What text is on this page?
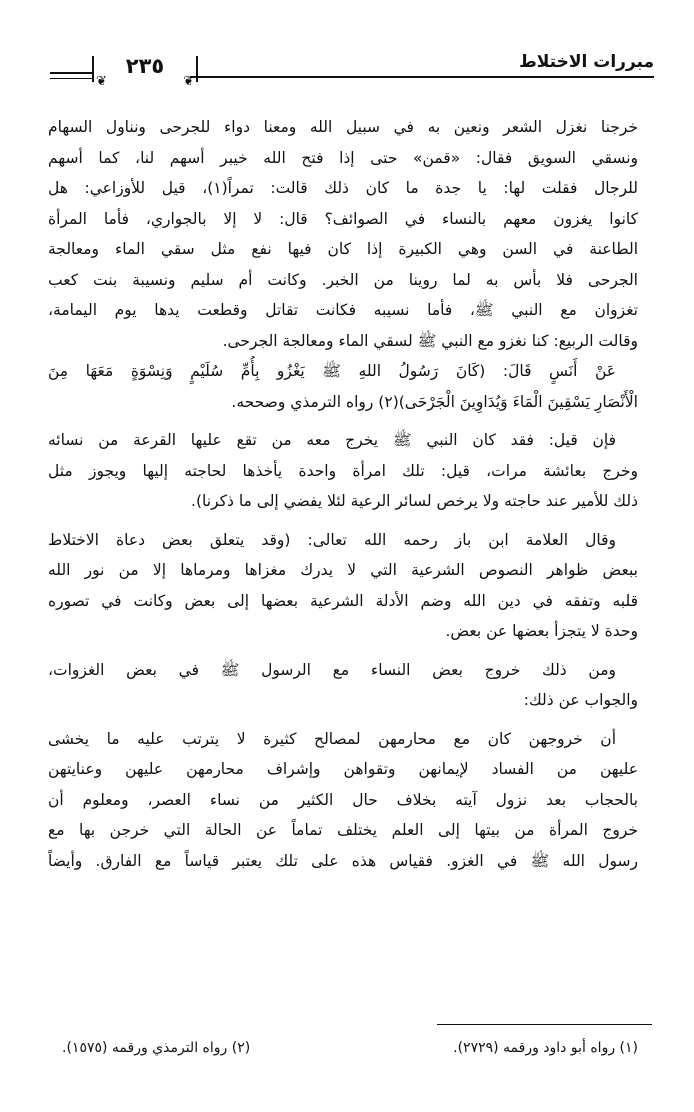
مبررات الاختلاط
❦	❦
٢٣٥
خرجنا نغزل الشعر ونعين به في سبيل الله ومعنا دواء للجرحى ونناول السهام
ونسقي السويق فقال: «قمن» حتى إذا فتح الله خيبر أسهم لنا، كما أسهم
للرجال فقلت لها: يا جدة ما كان ذلك قالت: تمراً(١)، قيل للأوزاعي: هل
كانوا يغزون معهم بالنساء في الصوائف؟ قال: لا إلا بالجواري، فأما المرأة
الطاعنة في السن وهي الكبيرة إذا كان فيها نفع مثل سقي الماء ومعالجة
الجرحى فلا بأس به لما روينا من الخبر. وكانت أم سليم ونسيبة بنت كعب
تغزوان مع النبي ﷺ، فأما نسيبه فكانت تقاتل وقطعت يدها يوم اليمامة،
وقالت الربيع: كنا نغزو مع النبي ﷺ لسقي الماء ومعالجة الجرحى.
عَنْ أَنَسٍ قَالَ: (كَانَ رَسُولُ اللهِ ﷺ يَغْزُو بِأُمِّ سُلَيْمٍ وَنِسْوَةٍ مَعَهَا مِنَ
الْأَنْصَارِ يَسْقِينَ الْمَاءَ وَيُدَاوِينَ الْجَرْحَى)(٢) رواه الترمذي وصححه.
فإن قيل: فقد كان النبي ﷺ يخرج معه من تقع عليها القرعة من نسائه
وخرج بعائشة مرات، قيل: تلك امرأة واحدة يأخذها لحاجته إليها ويجوز مثل
ذلك للأمير عند حاجته ولا يرخص لسائر الرعية لئلا يفضي إلى ما ذكرنا).
وقال العلامة ابن باز رحمه الله تعالى: (وقد يتعلق بعض دعاة الاختلاط
ببعض ظواهر النصوص الشرعية التي لا يدرك مغزاها ومرماها إلا من نور الله
قلبه وتفقه في دين الله وضم الأدلة الشرعية بعضها إلى بعض وكانت في تصوره
وحدة لا يتجزأ بعضها عن بعض.
ومن ذلك خروج بعض النساء مع الرسول ﷺ في بعض الغزوات،
والجواب عن ذلك:
أن خروجهن كان مع محارمهن لمصالح كثيرة لا يترتب عليه ما يخشى
عليهن من الفساد لإيمانهن وتقواهن وإشراف محارمهن عليهن وعنايتهن
بالحجاب بعد نزول آيته بخلاف حال الكثير من نساء العصر، ومعلوم أن
خروج المرأة من بيتها إلى العلم يختلف تماماً عن الحالة التي خرجن بها مع
رسول الله ﷺ في الغزو. فقياس هذه على تلك يعتبر قياساً مع الفارق. وأيضاً
(١) رواه أبو داود ورقمه (٢٧٢٩).
(٢) رواه الترمذي ورقمه (١٥٧٥).
